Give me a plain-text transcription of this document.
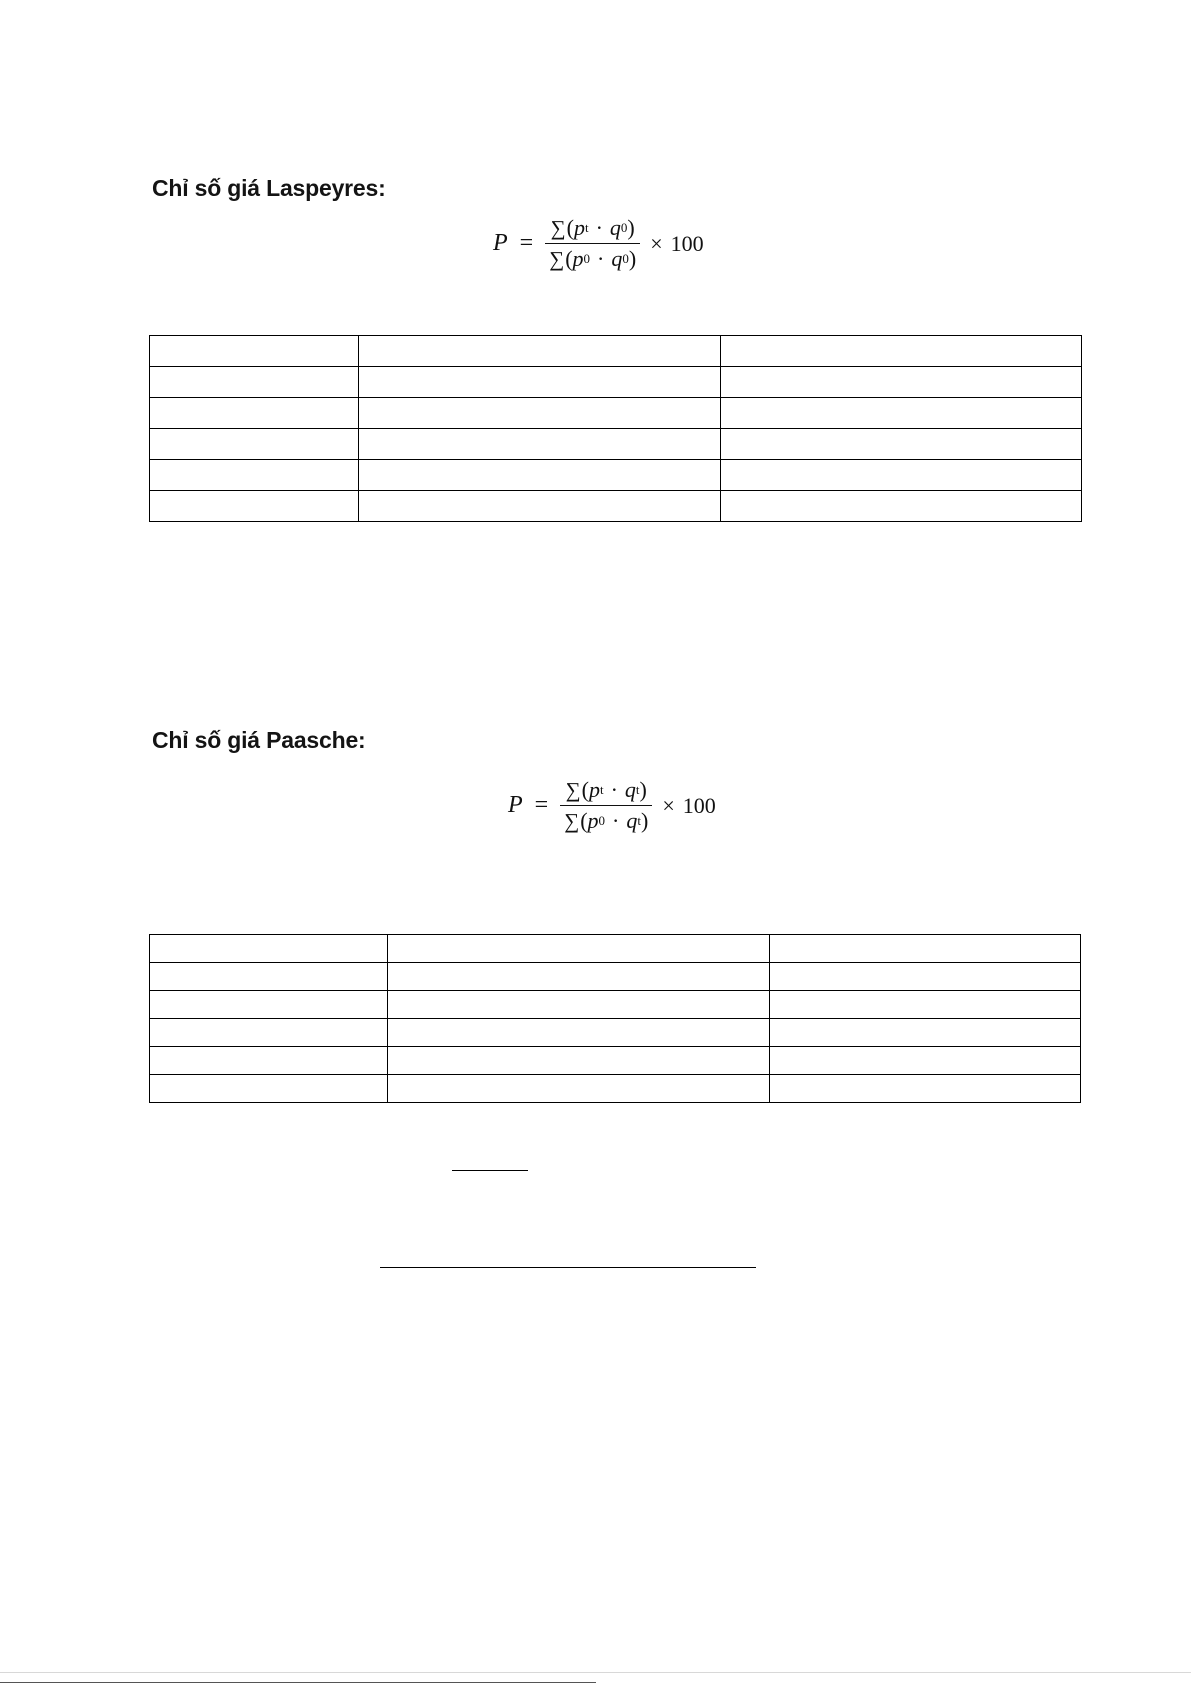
Chỉ số giá Laspeyres:
$P = \frac{\text{∑ ( p t · q 0 )}}{\sum ( p 0 \cdot q 0 )} \times 100$

Chỉ số giá Paasche:
$P = \frac{\text{∑ ( p t · q t )}}{\text{∑ ( p 0 · q t )}} \times 100$
